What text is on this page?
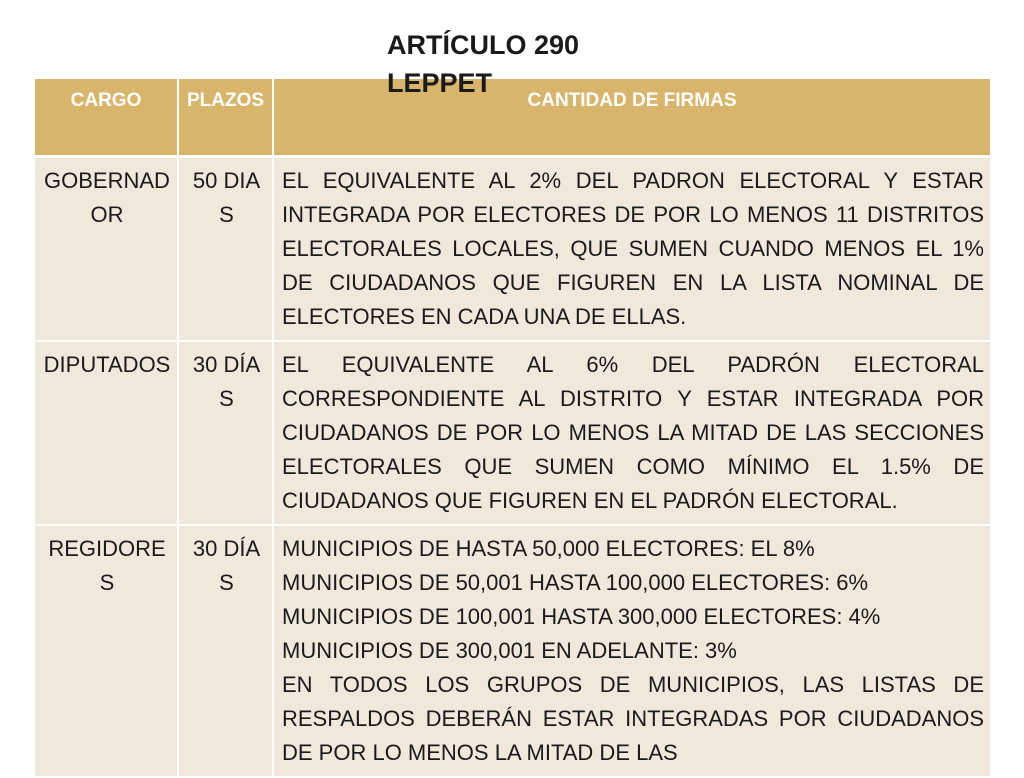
ARTÍCULO 290 LEPPET
CARGO	PLAZOS	CANTIDAD DE FIRMAS
GOBERNADOR	50 DIAS	EL EQUIVALENTE AL 2% DEL PADRON ELECTORAL Y ESTAR INTEGRADA POR ELECTORES DE POR LO MENOS 11 DISTRITOS ELECTORALES LOCALES, QUE SUMEN CUANDO MENOS EL 1% DE CIUDADANOS QUE FIGUREN EN LA LISTA NOMINAL DE ELECTORES EN CADA UNA DE ELLAS.
DIPUTADOS	30 DÍAS	EL EQUIVALENTE AL 6% DEL PADRÓN ELECTORAL CORRESPONDIENTE AL DISTRITO Y ESTAR INTEGRADA POR CIUDADANOS DE POR LO MENOS LA MITAD DE LAS SECCIONES ELECTORALES QUE SUMEN COMO MÍNIMO EL 1.5% DE CIUDADANOS QUE FIGUREN EN EL PADRÓN ELECTORAL.
REGIDORES	30 DÍAS	MUNICIPIOS DE HASTA 50,000 ELECTORES: EL 8%
MUNICIPIOS DE 50,001 HASTA 100,000 ELECTORES: 6%
MUNICIPIOS DE 100,001 HASTA 300,000 ELECTORES: 4%
MUNICIPIOS DE 300,001 EN ADELANTE: 3%
EN TODOS LOS GRUPOS DE MUNICIPIOS, LAS LISTAS DE RESPALDOS DEBERÁN ESTAR INTEGRADAS POR CIUDADANOS DE POR LO MENOS LA MITAD DE LAS
